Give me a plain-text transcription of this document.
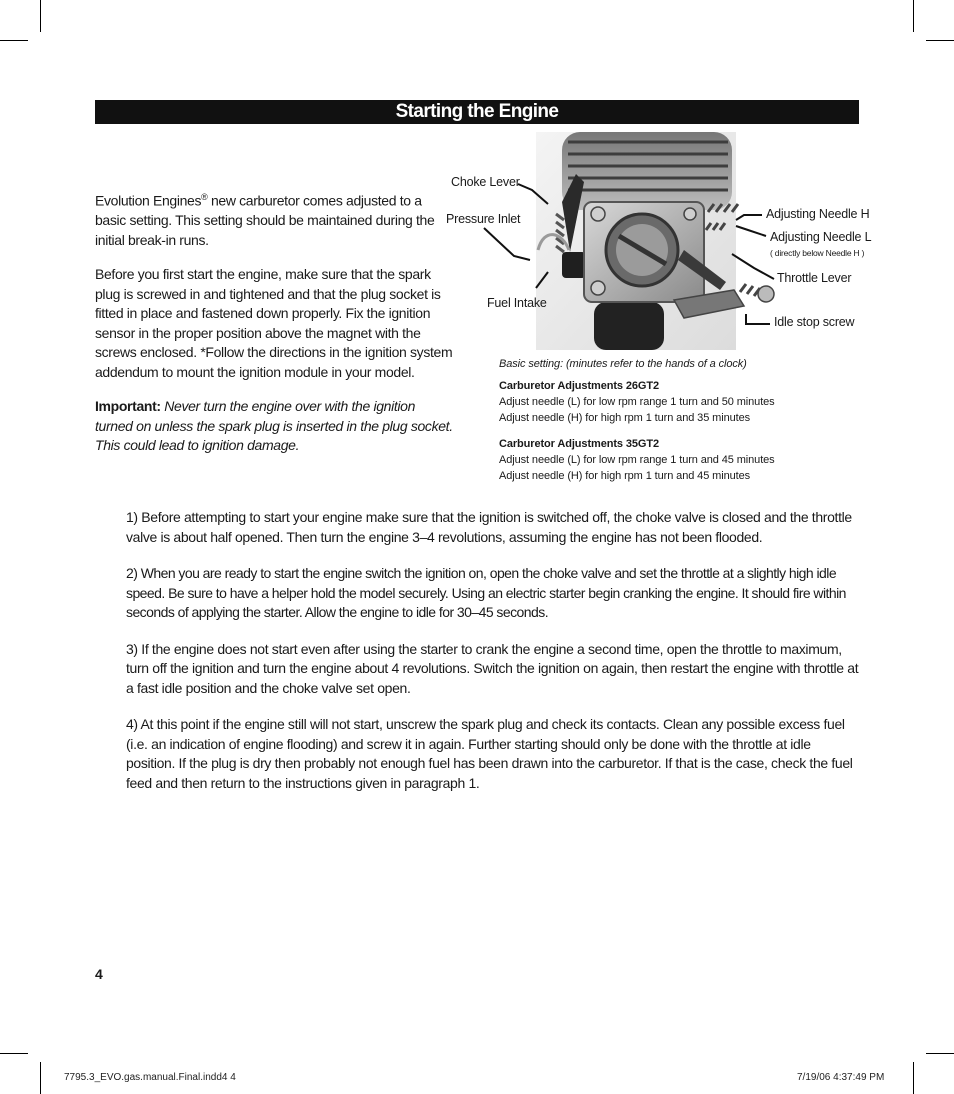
Starting the Engine

Evolution Engines® new carburetor comes adjusted to a basic setting. This setting should be maintained during the initial break-in runs.

Before you first start the engine, make sure that the spark plug is screwed in and tightened and that the plug socket is fitted in place and fastened down properly. Fix the ignition sensor in the proper position above the magnet with the screws enclosed. *Follow the directions in the ignition system addendum to mount the ignition module in your model.

Important: Never turn the engine over with the ignition turned on unless the spark plug is inserted in the plug socket. This could lead to ignition damage.

Choke Lever
Pressure Inlet
Fuel Intake
Adjusting Needle H
Adjusting Needle L
( directly below Needle H )
Throttle Lever
Idle stop screw
Basic setting: (minutes refer to the hands of a clock)
Carburetor Adjustments 26GT2
Adjust needle (L) for low rpm range 1 turn and 50 minutes
Adjust needle (H) for high rpm 1 turn and 35 minutes
Carburetor Adjustments 35GT2
Adjust needle (L) for low rpm range 1 turn and 45 minutes
Adjust needle (H) for high rpm 1 turn and 45 minutes

1) Before attempting to start your engine make sure that the ignition is switched off, the choke valve is closed and the throttle valve is about half opened. Then turn the engine 3–4 revolutions, assuming the engine has not been flooded.

2) When you are ready to start the engine switch the ignition on, open the choke valve and set the throttle at a slightly high idle speed. Be sure to have a helper hold the model securely. Using an electric starter begin cranking the engine. It should fire within seconds of applying the starter. Allow the engine to idle for 30–45 seconds.

3) If the engine does not start even after using the starter to crank the engine a second time, open the throttle to maximum, turn off the ignition and turn the engine about 4 revolutions. Switch the ignition on again, then restart the engine with throttle at a fast idle position and the choke valve set open.

4) At this point if the engine still will not start, unscrew the spark plug and check its contacts. Clean any possible excess fuel (i.e. an indication of engine flooding) and screw it in again. Further starting should only be done with the throttle at idle position. If the plug is dry then probably not enough fuel has been drawn into the carburetor. If that is the case, check the fuel feed and then return to the instructions given in paragraph 1.

4
7795.3_EVO.gas.manual.Final.indd4 4	7/19/06 4:37:49 PM
